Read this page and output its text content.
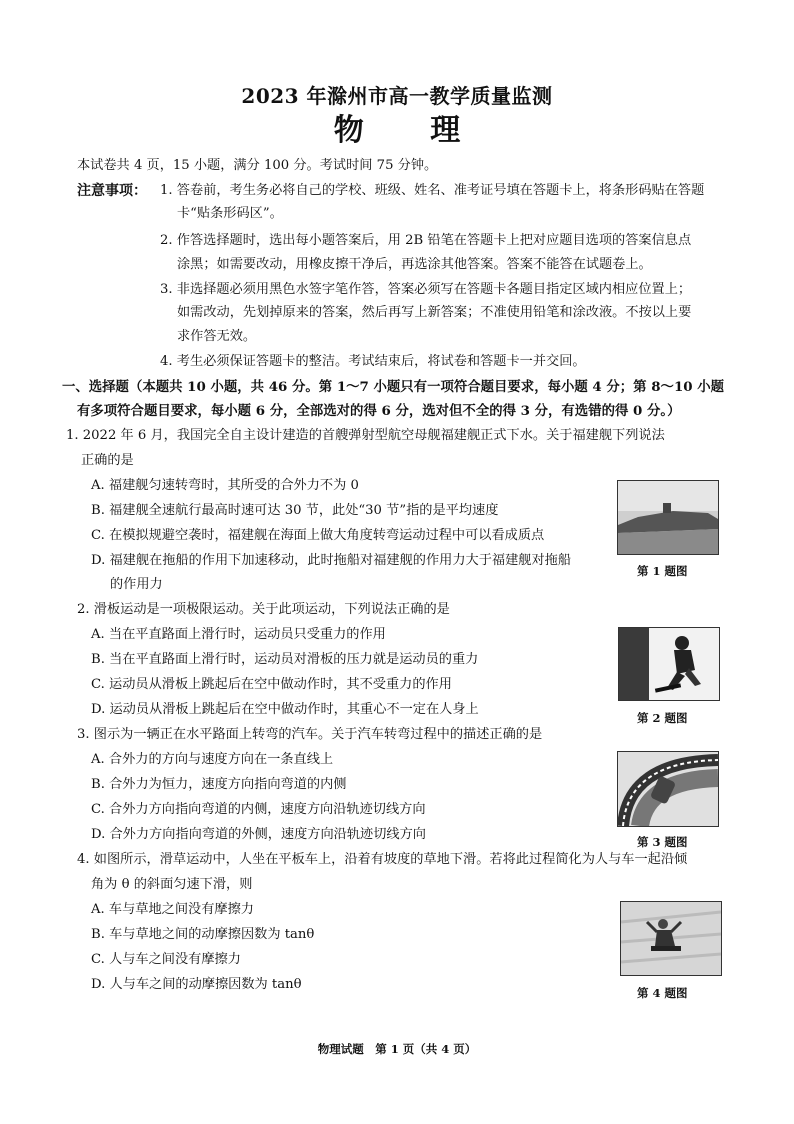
2023 年滁州市高一教学质量监测
物 理
本试卷共 4 页，15 小题，满分 100 分。考试时间 75 分钟。
注意事项： 1. 答卷前，考生务必将自己的学校、班级、姓名、准考证号填在答题卡上，将条形码贴在答题
卡“贴条形码区”。
2. 作答选择题时，选出每小题答案后，用 2B 铅笔在答题卡上把对应题目选项的答案信息点
涂黑；如需要改动，用橡皮擦干净后，再选涂其他答案。答案不能答在试题卷上。
3. 非选择题必须用黑色水签字笔作答，答案必须写在答题卡各题目指定区域内相应位置上；
如需改动，先划掉原来的答案，然后再写上新答案；不准使用铅笔和涂改液。不按以上要
求作答无效。
4. 考生必须保证答题卡的整洁。考试结束后，将试卷和答题卡一并交回。
一、选择题（本题共 10 小题，共 46 分。第 1～7 小题只有一项符合题目要求，每小题 4 分；第 8～10 小题
有多项符合题目要求，每小题 6 分，全部选对的得 6 分，选对但不全的得 3 分，有选错的得 0 分。）
1. 2022 年 6 月，我国完全自主设计建造的首艘弹射型航空母舰福建舰正式下水。关于福建舰下列说法
正确的是
A. 福建舰匀速转弯时，其所受的合外力不为 0
B. 福建舰全速航行最高时速可达 30 节，此处“30 节”指的是平均速度
C. 在模拟规避空袭时，福建舰在海面上做大角度转弯运动过程中可以看成质点
D. 福建舰在拖船的作用下加速移动，此时拖船对福建舰的作用力大于福建舰对拖船
的作用力
第 1 题图
2. 滑板运动是一项极限运动。关于此项运动，下列说法正确的是
A. 当在平直路面上滑行时，运动员只受重力的作用
B. 当在平直路面上滑行时，运动员对滑板的压力就是运动员的重力
C. 运动员从滑板上跳起后在空中做动作时，其不受重力的作用
D. 运动员从滑板上跳起后在空中做动作时，其重心不一定在人身上
第 2 题图
3. 图示为一辆正在水平路面上转弯的汽车。关于汽车转弯过程中的描述正确的是
A. 合外力的方向与速度方向在一条直线上
B. 合外力为恒力，速度方向指向弯道的内侧
C. 合外力方向指向弯道的内侧，速度方向沿轨迹切线方向
D. 合外力方向指向弯道的外侧，速度方向沿轨迹切线方向	第 3 题图
4. 如图所示，滑草运动中，人坐在平板车上，沿着有坡度的草地下滑。若将此过程简化为人与车一起沿倾
角为 θ 的斜面匀速下滑，则
A. 车与草地之间没有摩擦力
B. 车与草地之间的动摩擦因数为 tanθ
C. 人与车之间没有摩擦力
D. 人与车之间的动摩擦因数为 tanθ
第 4 题图
物理试题　第 1 页（共 4 页）
